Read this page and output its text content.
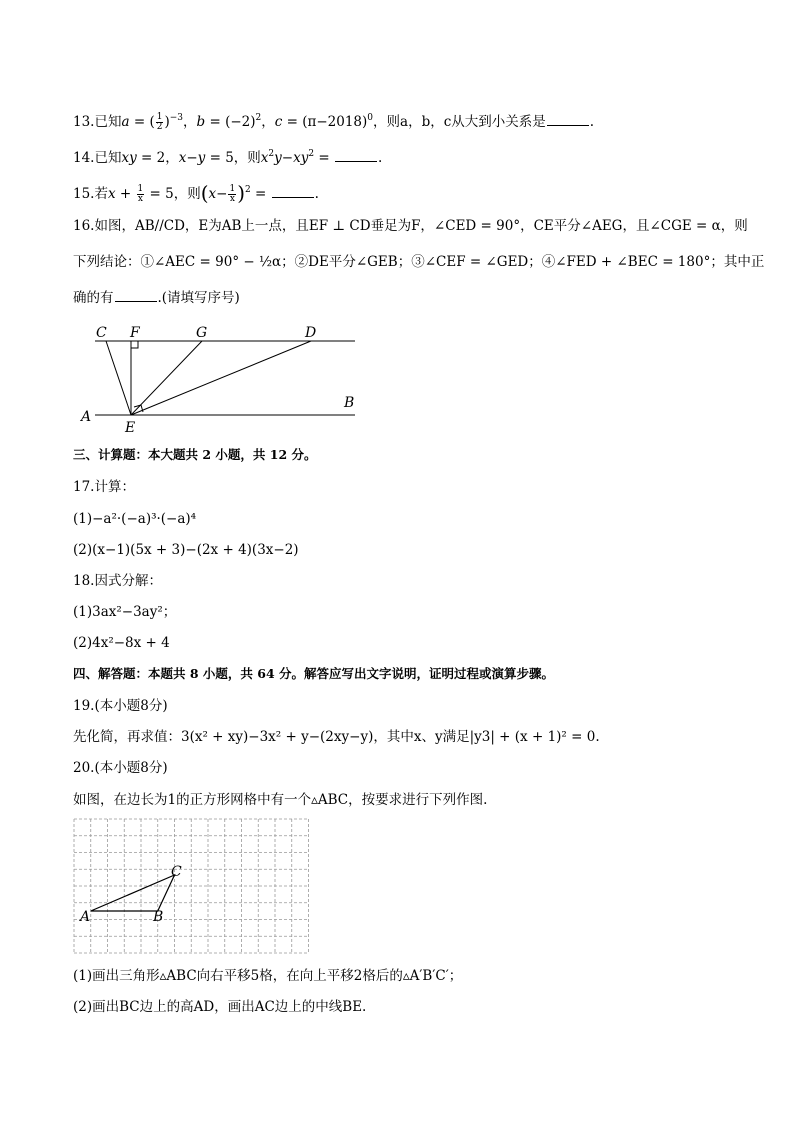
13.已知a = ( $\frac{1}{2} )^{-3}$，$b = (-2)^2$，$c = (\pi-2018)^0$，则a，b，c从大到小关系是	.
14.已知xy = 2，x−y = 5，则$x^2y-xy^2$ =	.
15.若$x + \frac{1}{x} = 5$，则$(x- \frac{1}{x} )^2$ =	.
16.如图，AB//CD，E为AB上一点，且EF ⊥ CD垂足为F，∠CED = 90°，CE平分∠AEG，且∠CGE = α，则
下列结论：①∠AEC = 90° − ½α；②DE平分∠GEB；③∠CEF = ∠GED；④∠FED + ∠BEC = 180°；其中正
确的有	.(请填写序号)
C F	G	D
A
B
E
三、计算题：本大题共 2 小题，共 12 分。
17.计算：
(1)−a²·(−a)³·(−a)⁴
(2)(x−1)(5x + 3)−(2x + 4)(3x−2)
18.因式分解：
(1)3ax²−3ay²；
(2)4x²−8x + 4
四、解答题：本题共 8 小题，共 64 分。解答应写出文字说明，证明过程或演算步骤。
19.(本小题8分)
先化简，再求值：3(x² + xy)−3x² + y−(2xy−y)，其中x、y满足|y3| + (x + 1)² = 0.
20.(本小题8分)
如图，在边长为1的正方形网格中有一个▵ABC，按要求进行下列作图.
A	B
C
(1)画出三角形▵ABC向右平移5格，在向上平移2格后的▵A′B′C′；
(2)画出BC边上的高AD，画出AC边上的中线BE.
